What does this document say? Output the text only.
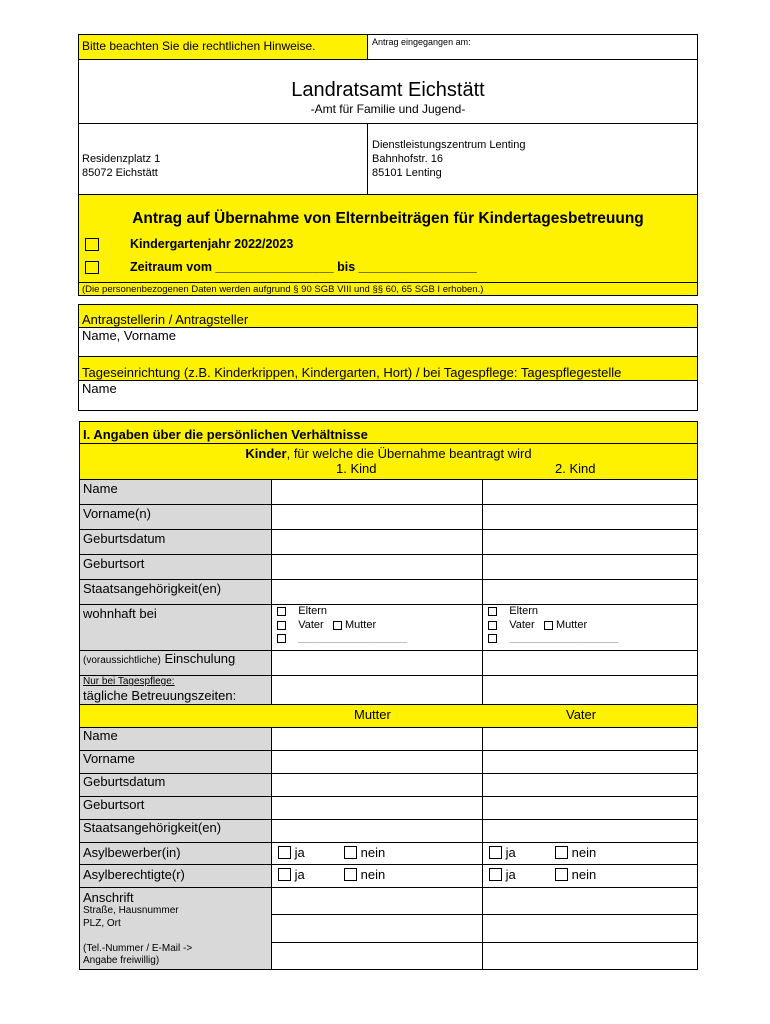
Bitte beachten Sie die rechtlichen Hinweise.	Antrag eingegangen am:
Landratsamt Eichstätt
-Amt für Familie und Jugend-
Residenzplatz 1
85072 Eichstätt
Dienstleistungszentrum Lenting
Bahnhofstr. 16
85101 Lenting
Antrag auf Übernahme von Elternbeiträgen für Kindertagesbetreuung
Kindergartenjahr 2022/2023
Zeitraum vom _________________ bis _________________
(Die personenbezogenen Daten werden aufgrund § 90 SGB VIII und §§ 60, 65 SGB I erhoben.)
Antragstellerin / Antragsteller
Name, Vorname
Tageseinrichtung (z.B. Kinderkrippen, Kindergarten, Hort) / bei Tagespflege: Tagespflegestelle
Name
I. Angaben über die persönlichen Verhältnisse
Kinder, für welche die Übernahme beantragt wird
1. Kind	2. Kind
Name
Vorname(n)
Geburtsdatum
Geburtsort
Staatsangehörigkeit(en)
wohnhaft bei	Eltern
Vater Mutter
____________________________
Eltern
Vater Mutter
____________________________
(voraussichtliche) Einschulung
Nur bei Tagespflege:
tägliche Betreuungszeiten:
Mutter	Vater
Name
Vorname
Geburtsdatum
Geburtsort
Staatsangehörigkeit(en)
Asylbewerber(in)	ja	nein	ja	nein
Asylberechtigte(r)	ja	nein	ja	nein
Anschrift
Straße, Hausnummer
PLZ, Ort
(Tel.-Nummer / E-Mail ->
Angabe freiwillig)
